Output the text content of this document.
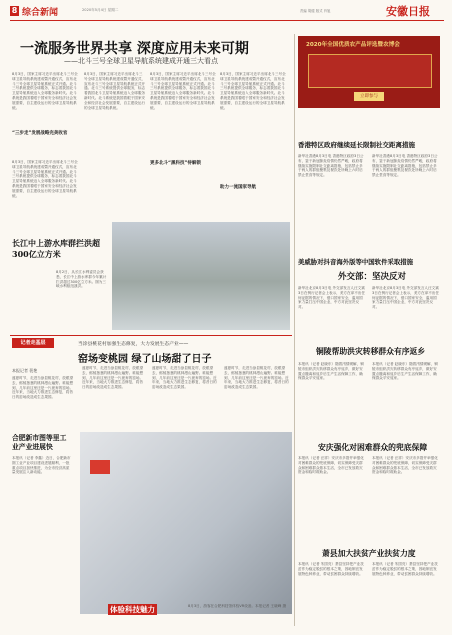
8 综合新闻	2020年5月4日 星期二	责编 胡健 版式 肖旭	安徽日报
一流服务世界共享 深度应用未来可期
——北斗三号全球卫星导航系统建成开通三大看点
8月3日，国家主席习近平出席北斗三号全球卫星导航系统建成暨开通仪式，宣布北斗三号全球卫星导航系统正式开通。北斗三号系统提供全球服务，标志着我国北斗卫星导航系统迈入全球服务新时代。北斗系统是我国着眼于国家安全和经济社会发展需要，自主建设运行的全球卫星导航系统。
“三步走”发展战略完美收官
8月3日，国家主席习近平出席北斗三号全球卫星导航系统建成暨开通仪式，宣布北斗三号全球卫星导航系统正式开通。北斗三号系统提供全球服务，标志着我国北斗卫星导航系统迈入全球服务新时代。北斗系统是我国着眼于国家安全和经济社会发展需要，自主建设运行的全球卫星导航系统。
8月3日，国家主席习近平出席北斗三号全球卫星导航系统建成暨开通仪式，宣布北斗三号全球卫星导航系统正式开通。北斗三号系统提供全球服务，标志着我国北斗卫星导航系统迈入全球服务新时代。北斗系统是我国着眼于国家安全和经济社会发展需要，自主建设运行的全球卫星导航系统。
8月3日，国家主席习近平出席北斗三号全球卫星导航系统建成暨开通仪式，宣布北斗三号全球卫星导航系统正式开通。北斗三号系统提供全球服务，标志着我国北斗卫星导航系统迈入全球服务新时代。北斗系统是我国着眼于国家安全和经济社会发展需要，自主建设运行的全球卫星导航系统。
更多北斗“黑科技”待解锁
8月3日，国家主席习近平出席北斗三号全球卫星导航系统建成暨开通仪式，宣布北斗三号全球卫星导航系统正式开通。北斗三号系统提供全球服务，标志着我国北斗卫星导航系统迈入全球服务新时代。北斗系统是我国着眼于国家安全和经济社会发展需要，自主建设运行的全球卫星导航系统。
助力一流国家导航
2020年全国优质农产品评选暨农博会
立即参与
香港特区政府继续延长限制社交距离措施
新华社香港8月3日电 香港特区政府3日公布，鉴于新冠肺炎疫情仍然严峻，政府将继续实施限制社交距离措施，包括禁止多于两人的群组聚集及餐饮处所晚上六时后禁止堂食等规定。
新华社香港8月3日电 香港特区政府3日公布，鉴于新冠肺炎疫情仍然严峻，政府将继续实施限制社交距离措施，包括禁止多于两人的群组聚集及餐饮处所晚上六时后禁止堂食等规定。
美威胁对抖音海外版等中国软件采取措施
外交部：坚决反对
新华社北京8月3日电 外交部发言人汪文斌3日在例行记者会上表示，美方在拿不出任何证据的情况下，借口国家安全，滥用国家力量打压中国企业，中方对此坚决反对。
新华社北京8月3日电 外交部发言人汪文斌3日在例行记者会上表示，美方在拿不出任何证据的情况下，借口国家安全，滥用国家力量打压中国企业，中方对此坚决反对。
长江中上游水库群拦洪超300亿立方米
8月2日，从长江水利委员会获悉，长江中上游水库群今年累计拦洪超过300亿立方米。图为三峡水利枢纽泄洪。
记者走基层	当涂县桃花村加强生态修复，大力发展生态产业——
窑场变桃园 绿了山场甜了日子
本报记者 裴艳
盛夏时节，走进当涂县桃花村，放眼望去，郁郁葱葱的桃林漫山遍野。谁能想到，几年前这里还是一片废弃的窑场。近年来，当地大力推进生态修复，将昔日的窑场改造成生态果园。
盛夏时节，走进当涂县桃花村，放眼望去，郁郁葱葱的桃林漫山遍野。谁能想到，几年前这里还是一片废弃的窑场。近年来，当地大力推进生态修复，将昔日的窑场改造成生态果园。
盛夏时节，走进当涂县桃花村，放眼望去，郁郁葱葱的桃林漫山遍野。谁能想到，几年前这里还是一片废弃的窑场。近年来，当地大力推进生态修复，将昔日的窑场改造成生态果园。
盛夏时节，走进当涂县桃花村，放眼望去，郁郁葱葱的桃林漫山遍野。谁能想到，几年前这里还是一片废弃的窑场。近年来，当地大力推进生态修复，将昔日的窑场改造成生态果园。
合肥新市图等里工业产业进展快
本报讯（记者 李鑫）近日，合肥新市图工业产业项目建设进展顺利，一批重点项目加快推进，为全市经济高质量发展注入新动能。
体验科技魅力	8月3日，游客在合肥科技馆体验VR设备。本报记者 王晓峰 摄
铜陵帮助洪灾转移群众有序返乡
本报讯（记者 赵晓东）随着汛情缓解，铜陵市组织洪灾转移群众有序返乡，做好安置点撤离和返乡后生产生活保障工作，确保群众平安返家。
本报讯（记者 赵晓东）随着汛情缓解，铜陵市组织洪灾转移群众有序返乡，做好安置点撤离和返乡后生产生活保障工作，确保群众平安返家。
安庆强化对困难群众的兜底保障
本报讯（记者 汪祥）安庆市多措并举强化对困难群众的兜底保障，切实保障受灾群众和困难群众基本生活，全市已发放救灾资金和临时救助金。
本报讯（记者 汪祥）安庆市多措并举强化对困难群众的兜底保障，切实保障受灾群众和困难群众基本生活，全市已发放救灾资金和临时救助金。
萧县加大扶贫产业扶贫力度
本报讯（记者 朱国亮）萧县坚持把产业扶贫作为稳定脱贫的根本之策，因地制宜发展特色种养业，带动贫困群众持续增收。
本报讯（记者 朱国亮）萧县坚持把产业扶贫作为稳定脱贫的根本之策，因地制宜发展特色种养业，带动贫困群众持续增收。
